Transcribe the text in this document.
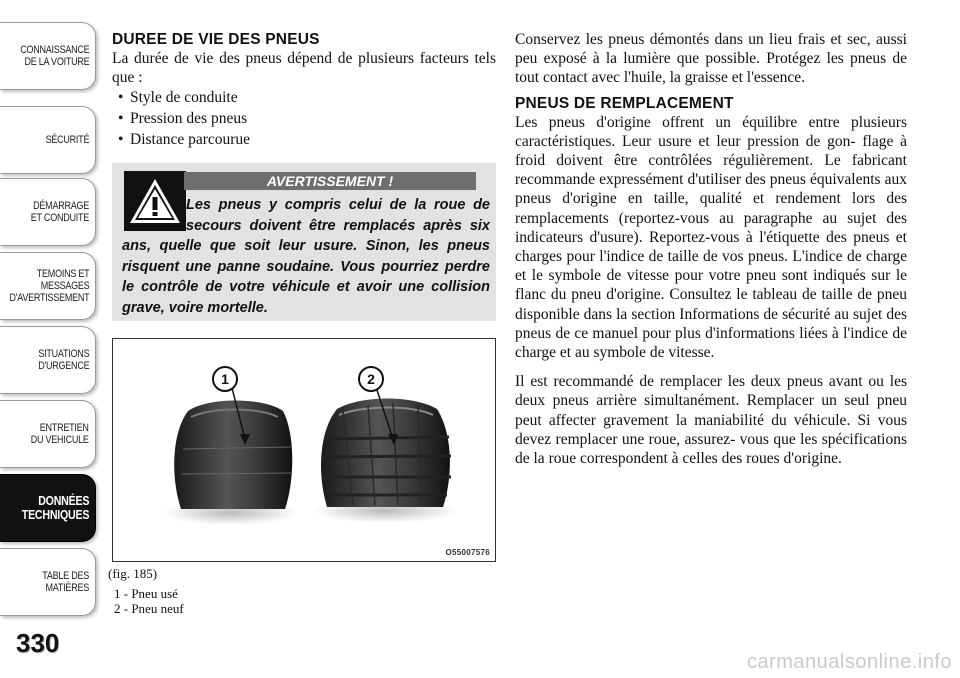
CONNAISSANCE
DE LA VOITURE
SÉCURITÉ
DÉMARRAGE
ET CONDUITE
TEMOINS ET
MESSAGES
D'AVERTISSEMENT
SITUATIONS
D'URGENCE
ENTRETIEN
DU VEHICULE
DONNÉES
TECHNIQUES
TABLE DES
MATIÈRES
330
DUREE DE VIE DES PNEUS

La durée de vie des pneus dépend de plusieurs facteurs tels que :

• Style de conduite
• Pression des pneus
• Distance parcourue
AVERTISSEMENT !
Les pneus y compris celui de la roue de secours doivent être remplacés après six ans, quelle que soit leur usure. Sinon, les pneus risquent une panne soudaine. Vous pourriez perdre le contrôle de votre véhicule et avoir une collision grave, voire mortelle.
1	2
O55007576
(fig. 185)
1 - Pneu usé
2 - Pneu neuf

Conservez les pneus démontés dans un lieu frais et sec, aussi peu exposé à la lumière que possible. Protégez les pneus de tout contact avec l'huile, la graisse et l'essence.

PNEUS DE REMPLACEMENT

Les pneus d'origine offrent un équilibre entre plusieurs caractéristiques. Leur usure et leur pression de gon- flage à froid doivent être contrôlées régulièrement. Le fabricant recommande expressément d'utiliser des pneus équivalents aux pneus d'origine en taille, qualité et rendement lors des remplacements (reportez-vous au paragraphe au sujet des indicateurs d'usure). Reportez-vous à l'étiquette des pneus et charges pour l'indice de taille de vos pneus. L'indice de charge et le symbole de vitesse pour votre pneu sont indiqués sur le flanc du pneu d'origine. Consultez le tableau de taille de pneu disponible dans la section Informations de sécurité au sujet des pneus de ce manuel pour plus d'informations liées à l'indice de charge et au symbole de vitesse.

Il est recommandé de remplacer les deux pneus avant ou les deux pneus arrière simultanément. Remplacer un seul pneu peut affecter gravement la maniabilité du véhicule. Si vous devez remplacer une roue, assurez- vous que les spécifications de la roue correspondent à celles des roues d'origine.

carmanualsonline.info
